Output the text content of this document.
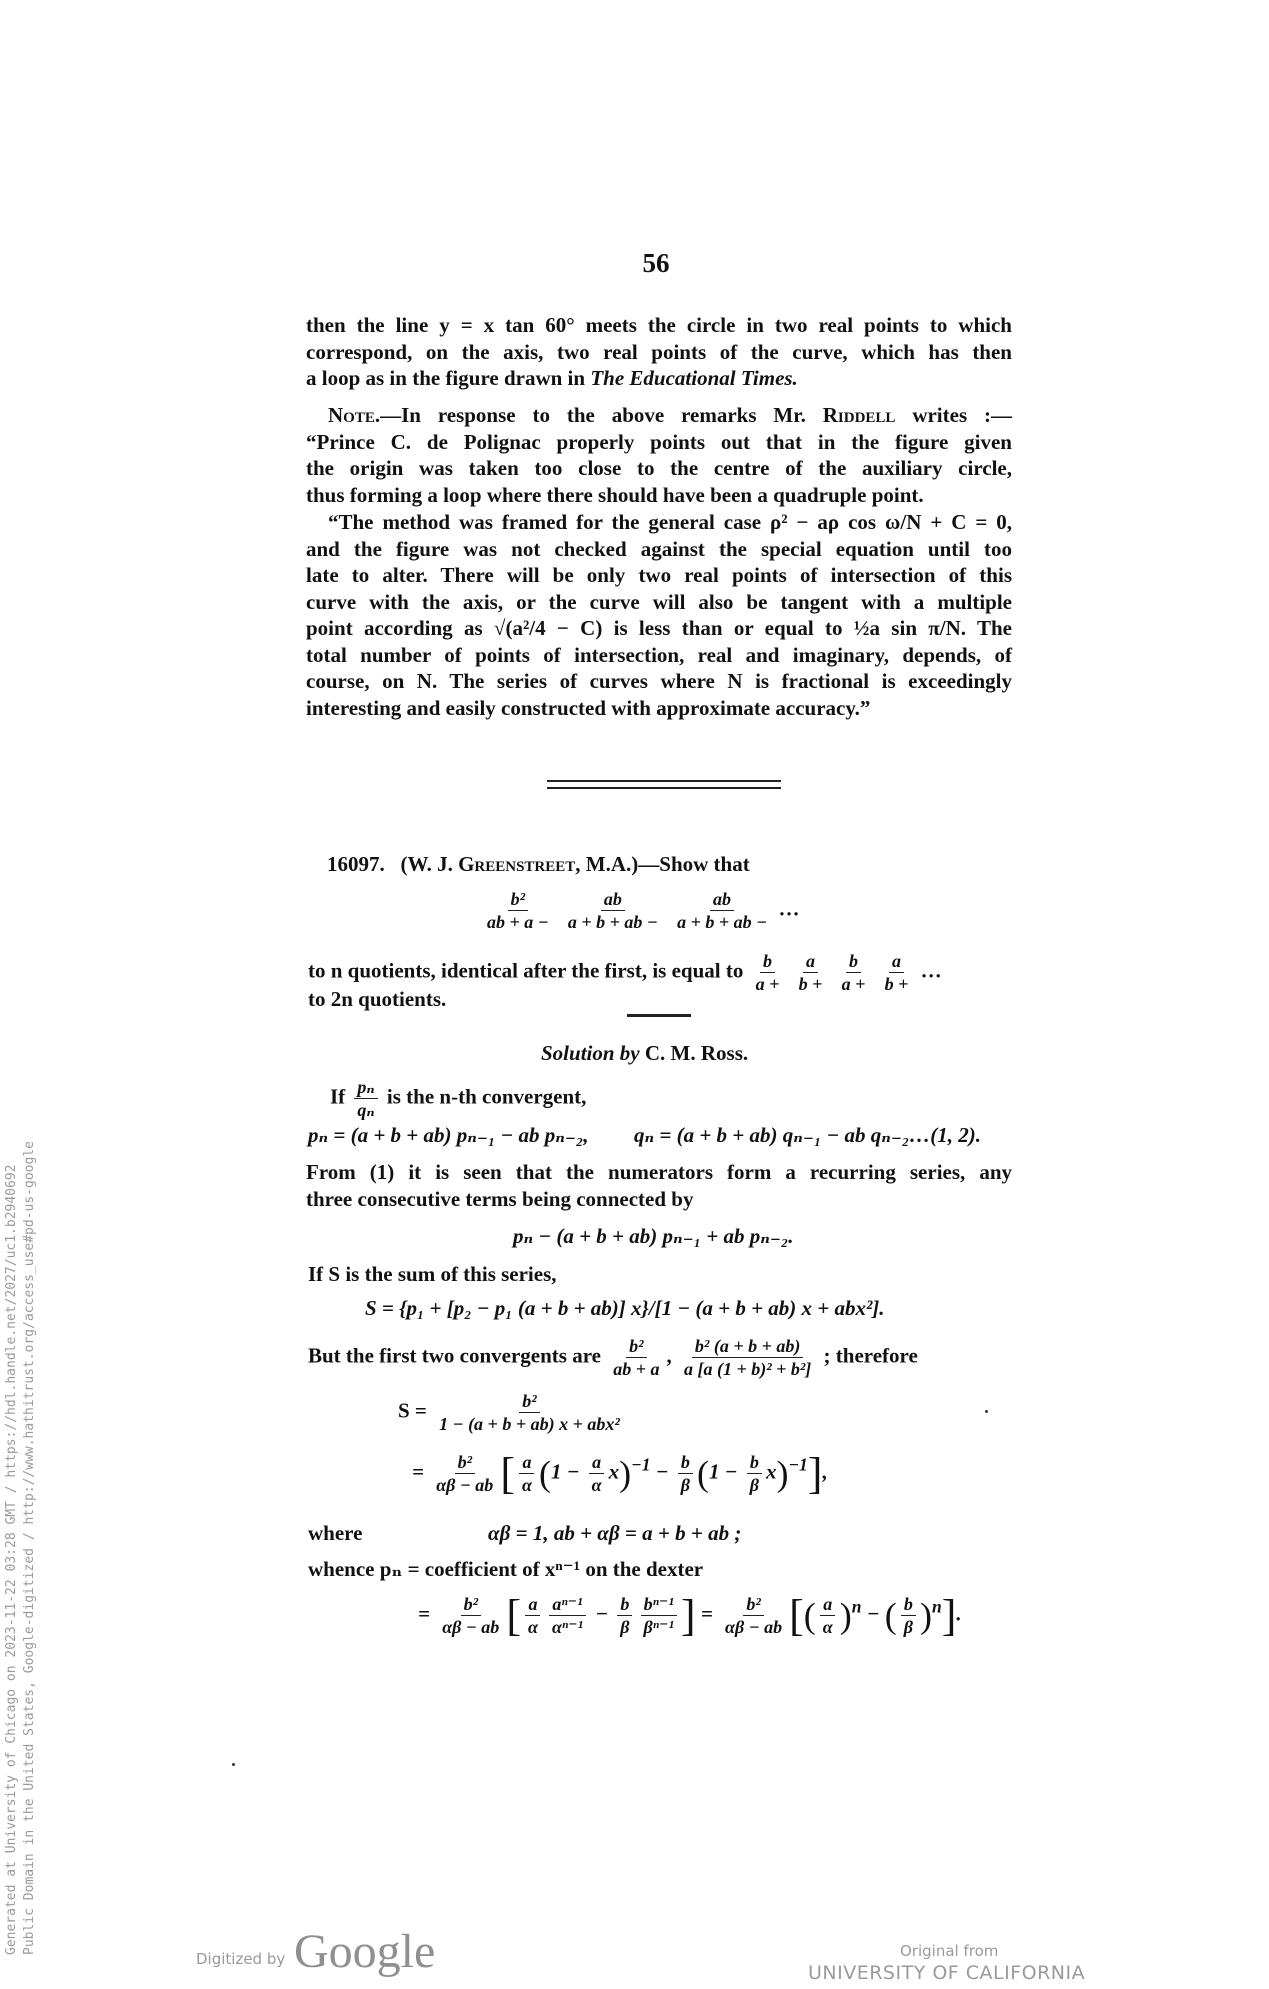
56
then the line y = x tan 60° meets the circle in two real points to which
correspond, on the axis, two real points of the curve, which has then
a loop as in the figure drawn in The Educational Times.
Note.—In response to the above remarks Mr. Riddell writes :—
“Prince C. de Polignac properly points out that in the figure given
the origin was taken too close to the centre of the auxiliary circle,
thus forming a loop where there should have been a quadruple point.
“The method was framed for the general case ρ² − aρ cos ω/N + C = 0,
and the figure was not checked against the special equation until too
late to alter. There will be only two real points of intersection of this
curve with the axis, or the curve will also be tangent with a multiple
point according as √(a²/4 − C) is less than or equal to ½a sin π/N. The
total number of points of intersection, real and imaginary, depends, of
course, on N. The series of curves where N is fractional is exceedingly
interesting and easily constructed with approximate accuracy.”
16097. (W. J. Greenstreet, M.A.)—Show that
$\frac{\text{b²}}{ab + a -}$
$\frac{ab}{a + b + ab -}$
$\frac{ab}{a + b + ab -}$ …
to n quotients, identical after the first, is equal to $\frac{b}{a +}$
$\frac{a}{b +}$
$\frac{b}{a +}$
$\frac{a}{b +}$ …
to 2n quotients.
Solution by C. M. Ross.
If $\frac{\text{pₙ}}{\text{qₙ}}$ is the n-th convergent,
pₙ = (a + b + ab) pₙ₋₁ − ab pₙ₋₂, qₙ = (a + b + ab) qₙ₋₁ − ab qₙ₋₂…(1, 2).
From (1) it is seen that the numerators form a recurring series, any
three consecutive terms being connected by
pₙ − (a + b + ab) pₙ₋₁ + ab pₙ₋₂.
If S is the sum of this series,
S = {p₁ + [p₂ − p₁ (a + b + ab)] x}/[1 − (a + b + ab) x + abx²].
But the first two convergents are $\frac{\text{b²}}{ab + a}$ , $\frac{\text{b² (a + b + ab)}}{\text{a [a (1 + b)² + b²]}}$ ; therefore
$S = \frac{\text{b²}}{\text{1 − (a + b + ab) x + abx²}}$
= $\frac{\text{b²}}{\alpha\beta - ab}$ [ $\frac{a}{\alpha} (1 - \frac{a}{\alpha} x)^{-1} - \frac{b}{\beta} (1 - \frac{b}{\beta} x)^{-1}$],
where	αβ = 1, ab + αβ = a + b + ab ;
whence pₙ = coefficient of xⁿ⁻¹ on the dexter
= $\frac{\text{b²}}{\alpha\beta - ab}$ [ $\frac{a}{\alpha} \frac{\text{aⁿ⁻¹}}{\text{αⁿ⁻¹}} - \frac{b}{\beta} \frac{\text{bⁿ⁻¹}}{\text{βⁿ⁻¹}}$ ] = $\frac{\text{b²}}{\alpha\beta - ab}$ [( $\frac{a}{\alpha} )^n$ − ( $\frac{b}{\beta} )^n$].
Generated at University of Chicago on 2023-11-22 03:28 GMT / https://hdl.handle.net/2027/uc1.b2940692 Public Domain in the United States, Google-digitized / http://www.hathitrust.org/access_use#pd-us-google
Digitized by Google	Original from
UNIVERSITY OF CALIFORNIA
